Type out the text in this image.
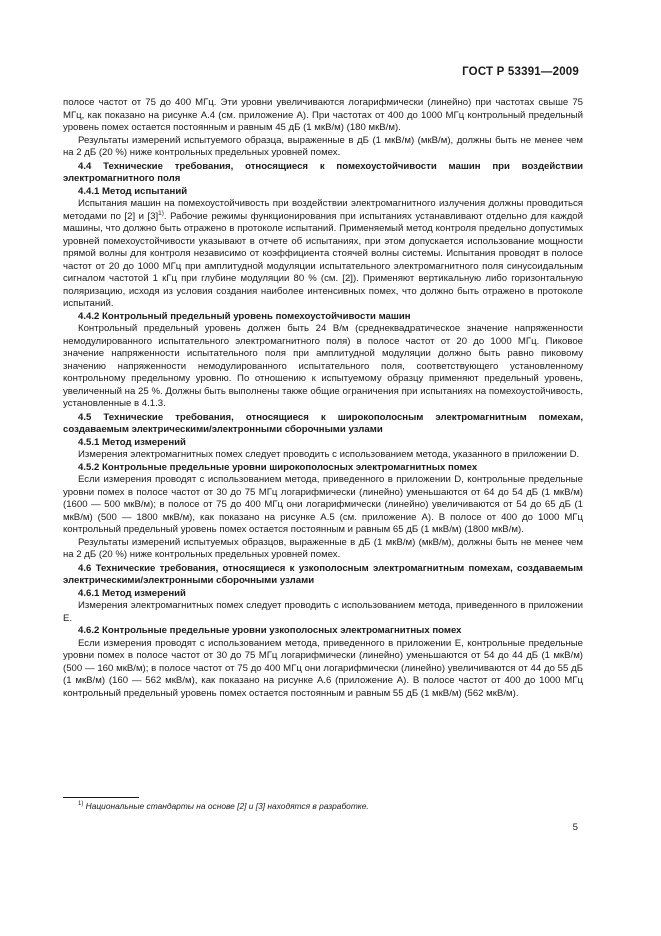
ГОСТ Р 53391—2009

полосе частот от 75 до 400 МГц. Эти уровни увеличиваются логарифмически (линейно) при частотах свыше 75 МГц, как показано на рисунке А.4 (см. приложение А). При частотах от 400 до 1000 МГц контрольный предельный уровень помех остается постоянным и равным 45 дБ (1 мкВ/м) (180 мкВ/м).

Результаты измерений испытуемого образца, выраженные в дБ (1 мкВ/м) (мкВ/м), должны быть не менее чем на 2 дБ (20 %) ниже контрольных предельных уровней помех.

4.4 Технические требования, относящиеся к помехоустойчивости машин при воздействии электромагнитного поля

4.4.1 Метод испытаний

Испытания машин на помехоустойчивость при воздействии электромагнитного излучения должны проводиться методами по [2] и $[3]^{1)}$. Рабочие режимы функционирования при испытаниях устанавливают отдельно для каждой машины, что должно быть отражено в протоколе испытаний. Применяемый метод контроля предельно допустимых уровней помехоустойчивости указывают в отчете об испытаниях, при этом допускается использование мощности прямой волны для контроля независимо от коэффициента стоячей волны системы. Испытания проводят в полосе частот от 20 до 1000 МГц при амплитудной модуляции испытательного электромагнитного поля синусоидальным сигналом частотой 1 кГц при глубине модуляции 80 % (см. [2]). Применяют вертикальную либо горизонтальную поляризацию, исходя из условия создания наиболее интенсивных помех, что должно быть отражено в протоколе испытаний.

4.4.2 Контрольный предельный уровень помехоустойчивости машин

Контрольный предельный уровень должен быть 24 В/м (среднеквадратическое значение напряженности немодулированного испытательного электромагнитного поля) в полосе частот от 20 до 1000 МГц. Пиковое значение напряженности испытательного поля при амплитудной модуляции должно быть равно пиковому значению напряженности немодулированного испытательного поля, соответствующего установленному контрольному предельному уровню. По отношению к испытуемому образцу применяют предельный уровень, увеличенный на 25 %. Должны быть выполнены также общие ограничения при испытаниях на помехоустойчивость, установленные в 4.1.3.

4.5 Технические требования, относящиеся к широкополосным электромагнитным помехам, создаваемым электрическими/электронными сборочными узлами

4.5.1 Метод измерений

Измерения электромагнитных помех следует проводить с использованием метода, указанного в приложении D.

4.5.2 Контрольные предельные уровни широкополосных электромагнитных помех

Если измерения проводят с использованием метода, приведенного в приложении D, контрольные предельные уровни помех в полосе частот от 30 до 75 МГц логарифмически (линейно) уменьшаются от 64 до 54 дБ (1 мкВ/м) (1600 — 500 мкВ/м); в полосе от 75 до 400 МГц они логарифмически (линейно) увеличиваются от 54 до 65 дБ (1 мкВ/м) (500 — 1800 мкВ/м), как показано на рисунке А.5 (см. приложение А). В полосе от 400 до 1000 МГц контрольный предельный уровень помех остается постоянным и равным 65 дБ (1 мкВ/м) (1800 мкВ/м).

Результаты измерений испытуемых образцов, выраженные в дБ (1 мкВ/м) (мкВ/м), должны быть не менее чем на 2 дБ (20 %) ниже контрольных предельных уровней помех.

4.6 Технические требования, относящиеся к узкополосным электромагнитным помехам, создаваемым электрическими/электронными сборочными узлами

4.6.1 Метод измерений

Измерения электромагнитных помех следует проводить с использованием метода, приведенного в приложении Е.

4.6.2 Контрольные предельные уровни узкополосных электромагнитных помех

Если измерения проводят с использованием метода, приведенного в приложении Е, контрольные предельные уровни помех в полосе частот от 30 до 75 МГц логарифмически (линейно) уменьшаются от 54 до 44 дБ (1 мкВ/м) (500 — 160 мкВ/м); в полосе частот от 75 до 400 МГц они логарифмически (линейно) увеличиваются от 44 до 55 дБ (1 мкВ/м) (160 — 562 мкВ/м), как показано на рисунке А.6 (приложение А). В полосе частот от 400 до 1000 МГц контрольный предельный уровень помех остается постоянным и равным 55 дБ (1 мкВ/м) (562 мкВ/м).

$^{1)}$ Национальные стандарты на основе [2] и [3] находятся в разработке.
5
